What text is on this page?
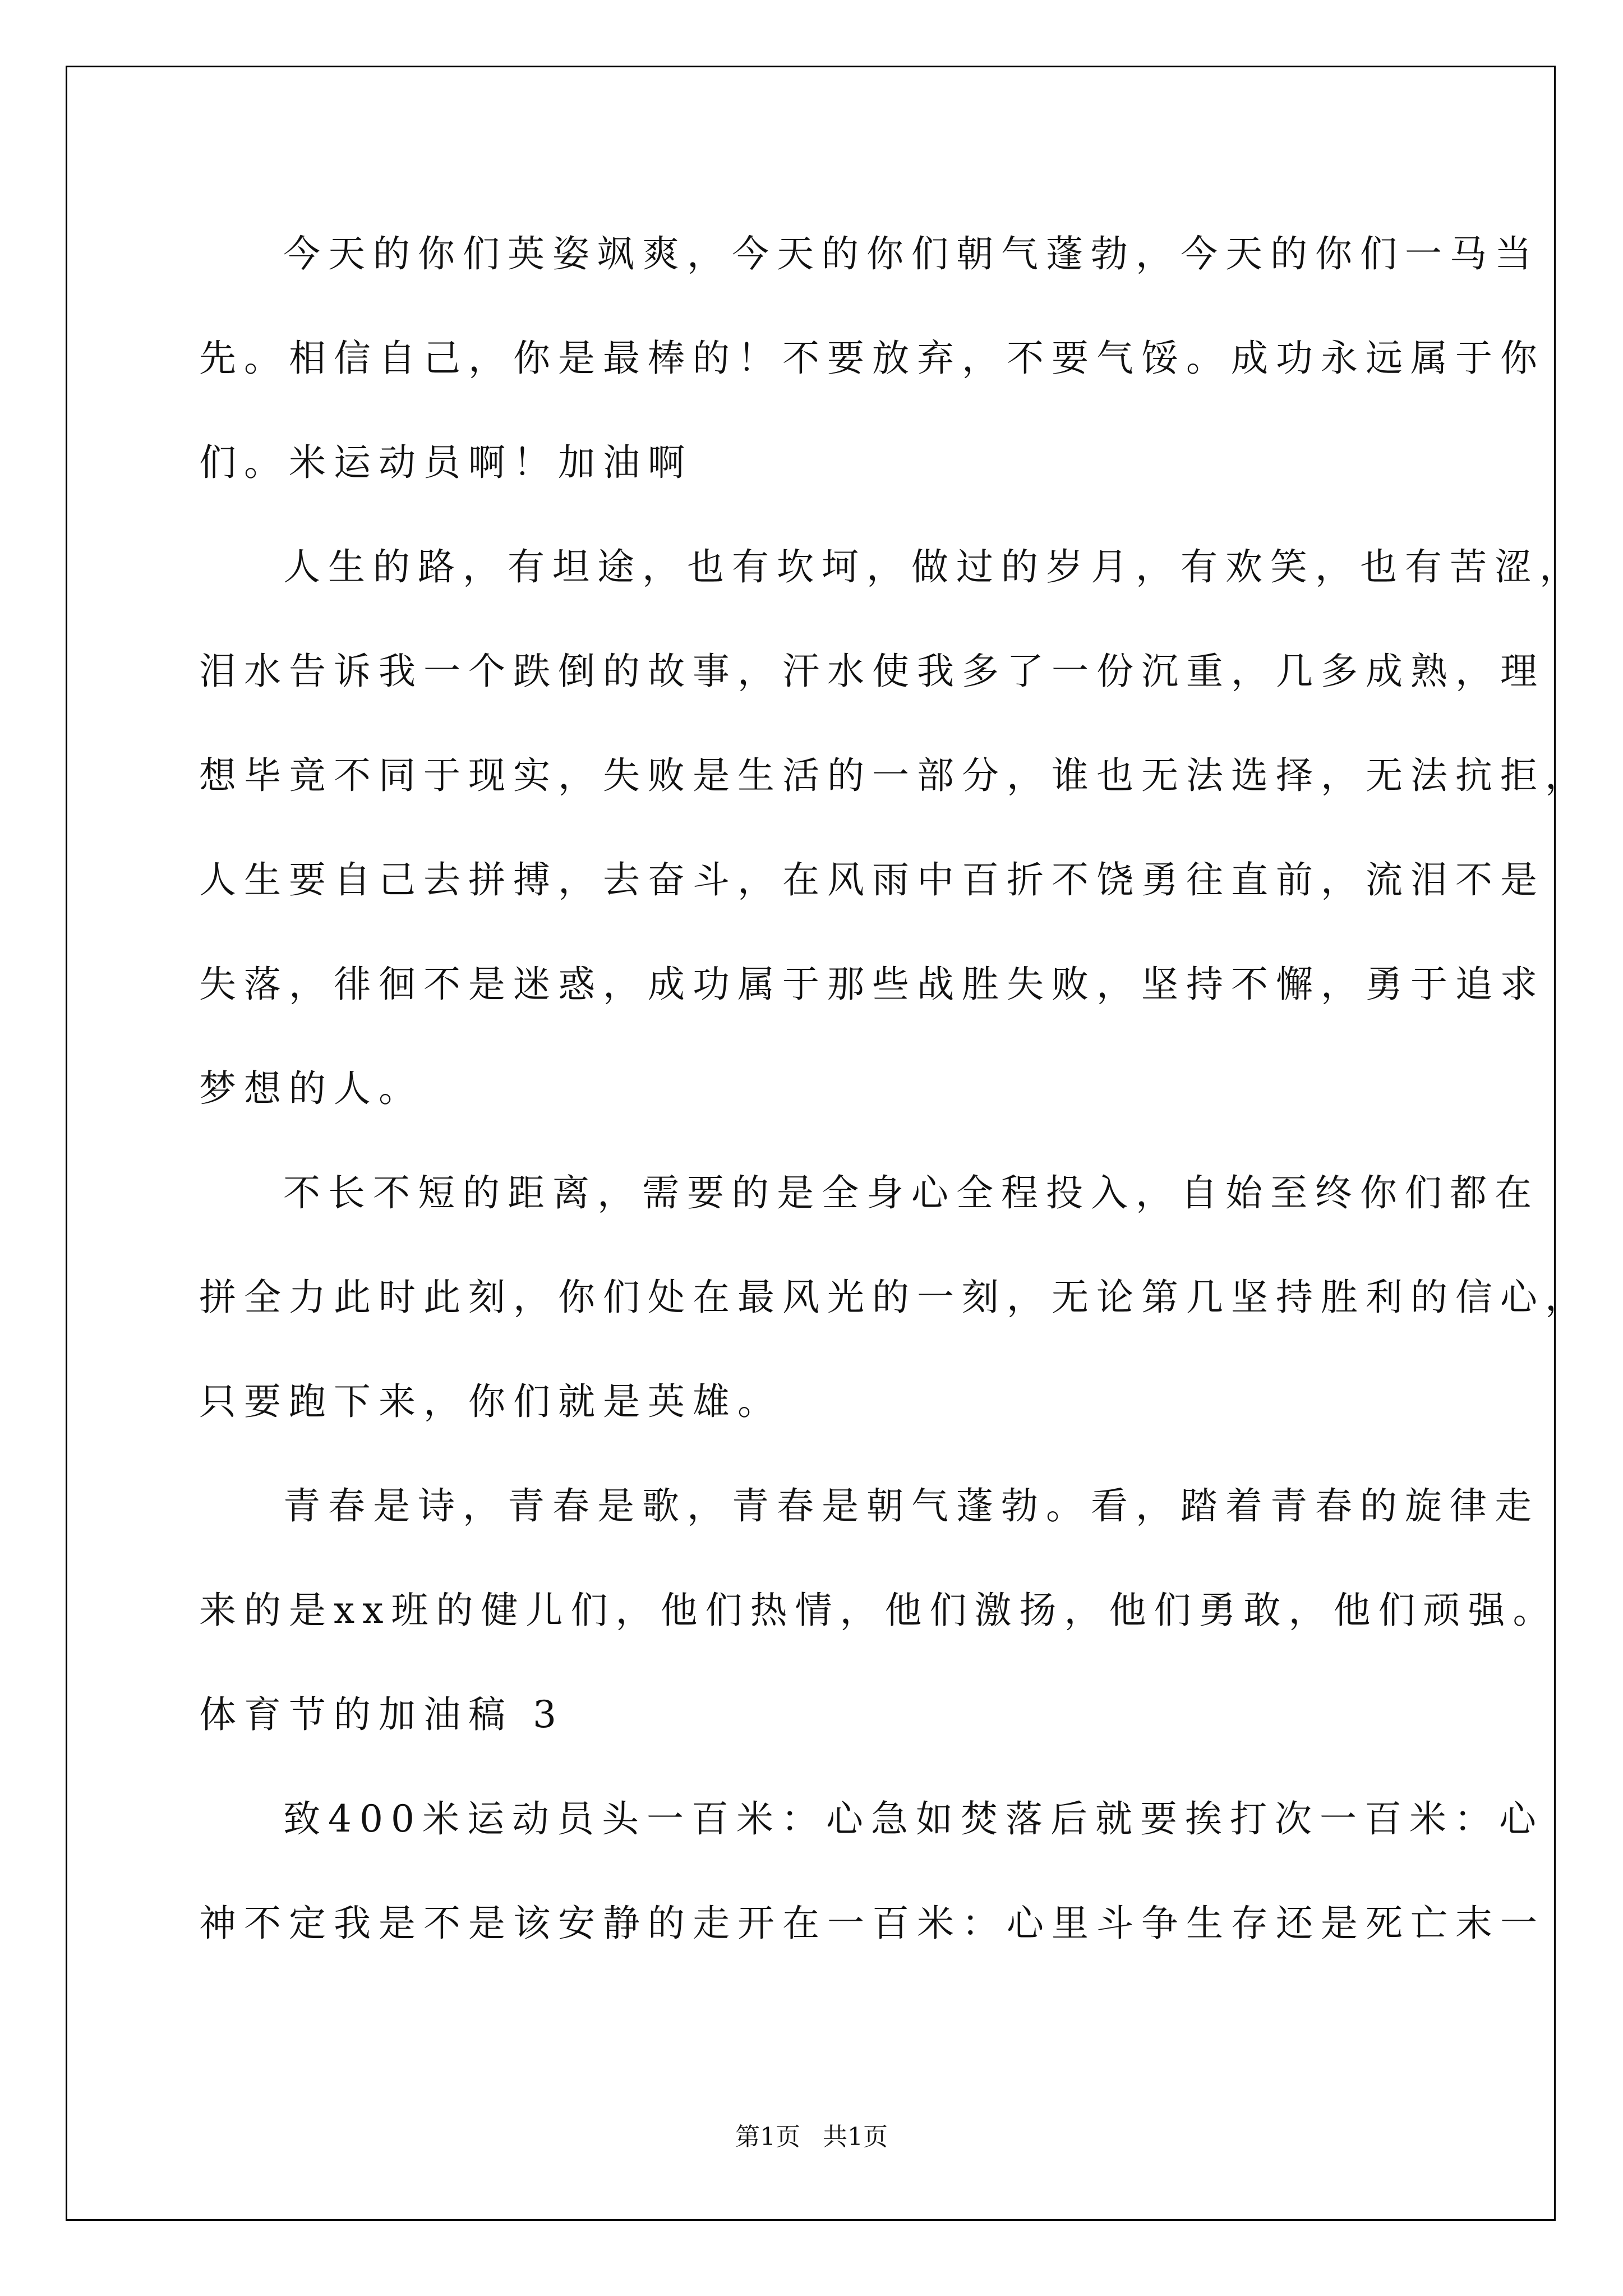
今天的你们英姿飒爽，今天的你们朝气蓬勃，今天的你们一马当
先。相信自己，你是最棒的！不要放弃，不要气馁。成功永远属于你
们。米运动员啊！加油啊
人生的路，有坦途，也有坎坷，做过的岁月，有欢笑，也有苦涩，
泪水告诉我一个跌倒的故事，汗水使我多了一份沉重，几多成熟，理
想毕竟不同于现实，失败是生活的一部分，谁也无法选择，无法抗拒，
人生要自己去拼搏，去奋斗，在风雨中百折不饶勇往直前，流泪不是
失落，徘徊不是迷惑，成功属于那些战胜失败，坚持不懈，勇于追求
梦想的人。
不长不短的距离，需要的是全身心全程投入，自始至终你们都在
拼全力此时此刻，你们处在最风光的一刻，无论第几坚持胜利的信心，
只要跑下来，你们就是英雄。
青春是诗，青春是歌，青春是朝气蓬勃。看，踏着青春的旋律走
来的是xx班的健儿们，他们热情，他们激扬，他们勇敢，他们顽强。
体育节的加油稿 3
致400米运动员头一百米：心急如焚落后就要挨打次一百米：心
神不定我是不是该安静的走开在一百米：心里斗争生存还是死亡末一
第1页 共1页
